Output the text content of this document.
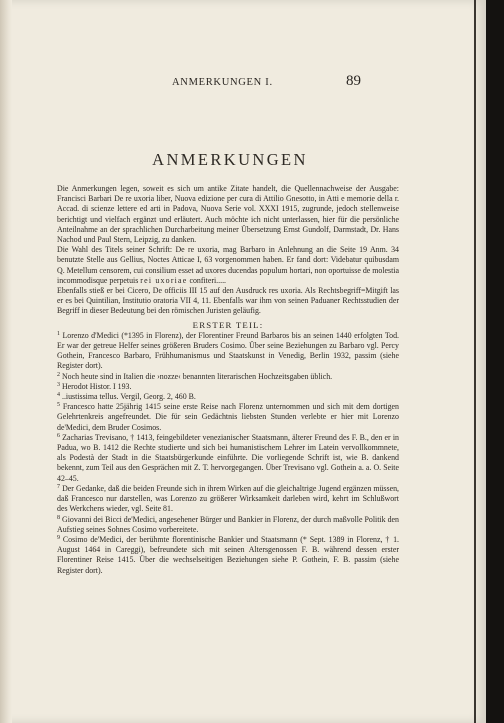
ANMERKUNGEN I.	89
ANMERKUNGEN

Die Anmerkungen legen, soweit es sich um antike Zitate handelt, die Quellennachweise der Ausgabe: Francisci Barbari De re uxoria liber, Nuova edizione per cura di Attilio Gnesotto, in Atti e memorie della r. Accad. di scienze lettere ed arti in Padova, Nuova Serie vol. XXXI 1915, zugrunde, jedoch stellenweise berichtigt und vielfach ergänzt und erläutert. Auch möchte ich nicht unterlassen, hier für die persönliche Anteilnahme an der sprachlichen Durcharbeitung meiner Übersetzung Ernst Gundolf, Darmstadt, Dr. Hans Nachod und Paul Stern, Leipzig, zu danken.

Die Wahl des Titels seiner Schrift: De re uxoria, mag Barbaro in Anlehnung an die Seite 19 Anm. 34 benutzte Stelle aus Gellius, Noctes Atticae I, 63 vorgenommen haben. Er fand dort: Videbatur quibusdam Q. Metellum censorem, cui consilium esset ad uxores ducendas populum hortari, non oportuisse de molestia incommodisque perpetuis rei uxoriae confiteri.....

Ebenfalls stieß er bei Cicero, De officiis III 15 auf den Ausdruck res uxoria. Als Rechtsbegriff=Mitgift las er es bei Quintilian, Institutio oratoria VII 4, 11. Ebenfalls war ihm von seinen Paduaner Rechtsstudien der Begriff in dieser Bedeutung bei den römischen Juristen geläufig.

ERSTER TEIL:

$^1$ Lorenzo d'Medici (*1395 in Florenz), der Florentiner Freund Barbaros bis an seinen 1440 erfolgten Tod. Er war der getreue Helfer seines größeren Bruders Cosimo. Über seine Beziehungen zu Barbaro vgl. Percy Gothein, Francesco Barbaro, Frühhumanismus und Staatskunst in Venedig, Berlin 1932, passim (siehe Register dort).

$^2$ Noch heute sind in Italien die ›nozze‹ benannten literarischen Hochzeitsgaben üblich.

$^3$ Herodot Histor. I 193.

$^4$ ..iustissima tellus. Vergil, Georg. 2, 460 B.

$^5$ Francesco hatte 25jährig 1415 seine erste Reise nach Florenz unternommen und sich mit dem dortigen Gelehrtenkreis angefreundet. Die für sein Gedächtnis liebsten Stunden verlebte er hier mit Lorenzo de'Medici, dem Bruder Cosimos.

$^6$ Zacharias Trevisano, † 1413, feingebildeter venezianischer Staatsmann, älterer Freund des F. B., den er in Padua, wo B. 1412 die Rechte studierte und sich bei humanistischem Lehrer im Latein vervollkommnete, als Podestà der Stadt in die Staatsbürgerkunde einführte. Die vorliegende Schrift ist, wie B. dankend bekennt, zum Teil aus den Gesprächen mit Z. T. hervorgegangen. Über Trevisano vgl. Gothein a. a. O. Seite 42–45.

$^7$ Der Gedanke, daß die beiden Freunde sich in ihrem Wirken auf die gleichaltrige Jugend ergänzen müssen, daß Francesco nur darstellen, was Lorenzo zu größerer Wirksamkeit darleben wird, kehrt im Schlußwort des Werkchens wieder, vgl. Seite 81.

$^8$ Giovanni dei Bicci de'Medici, angesehener Bürger und Bankier in Florenz, der durch maßvolle Politik den Aufstieg seines Sohnes Cosimo vorbereitete.

$^9$ Cosimo de'Medici, der berühmte florentinische Bankier und Staatsmann (* Sept. 1389 in Florenz, † 1. August 1464 in Careggi), befreundete sich mit seinen Altersgenossen F. B. während dessen erster Florentiner Reise 1415. Über die wechselseitigen Beziehungen siehe P. Gothein, F. B. passim (siehe Register dort).
